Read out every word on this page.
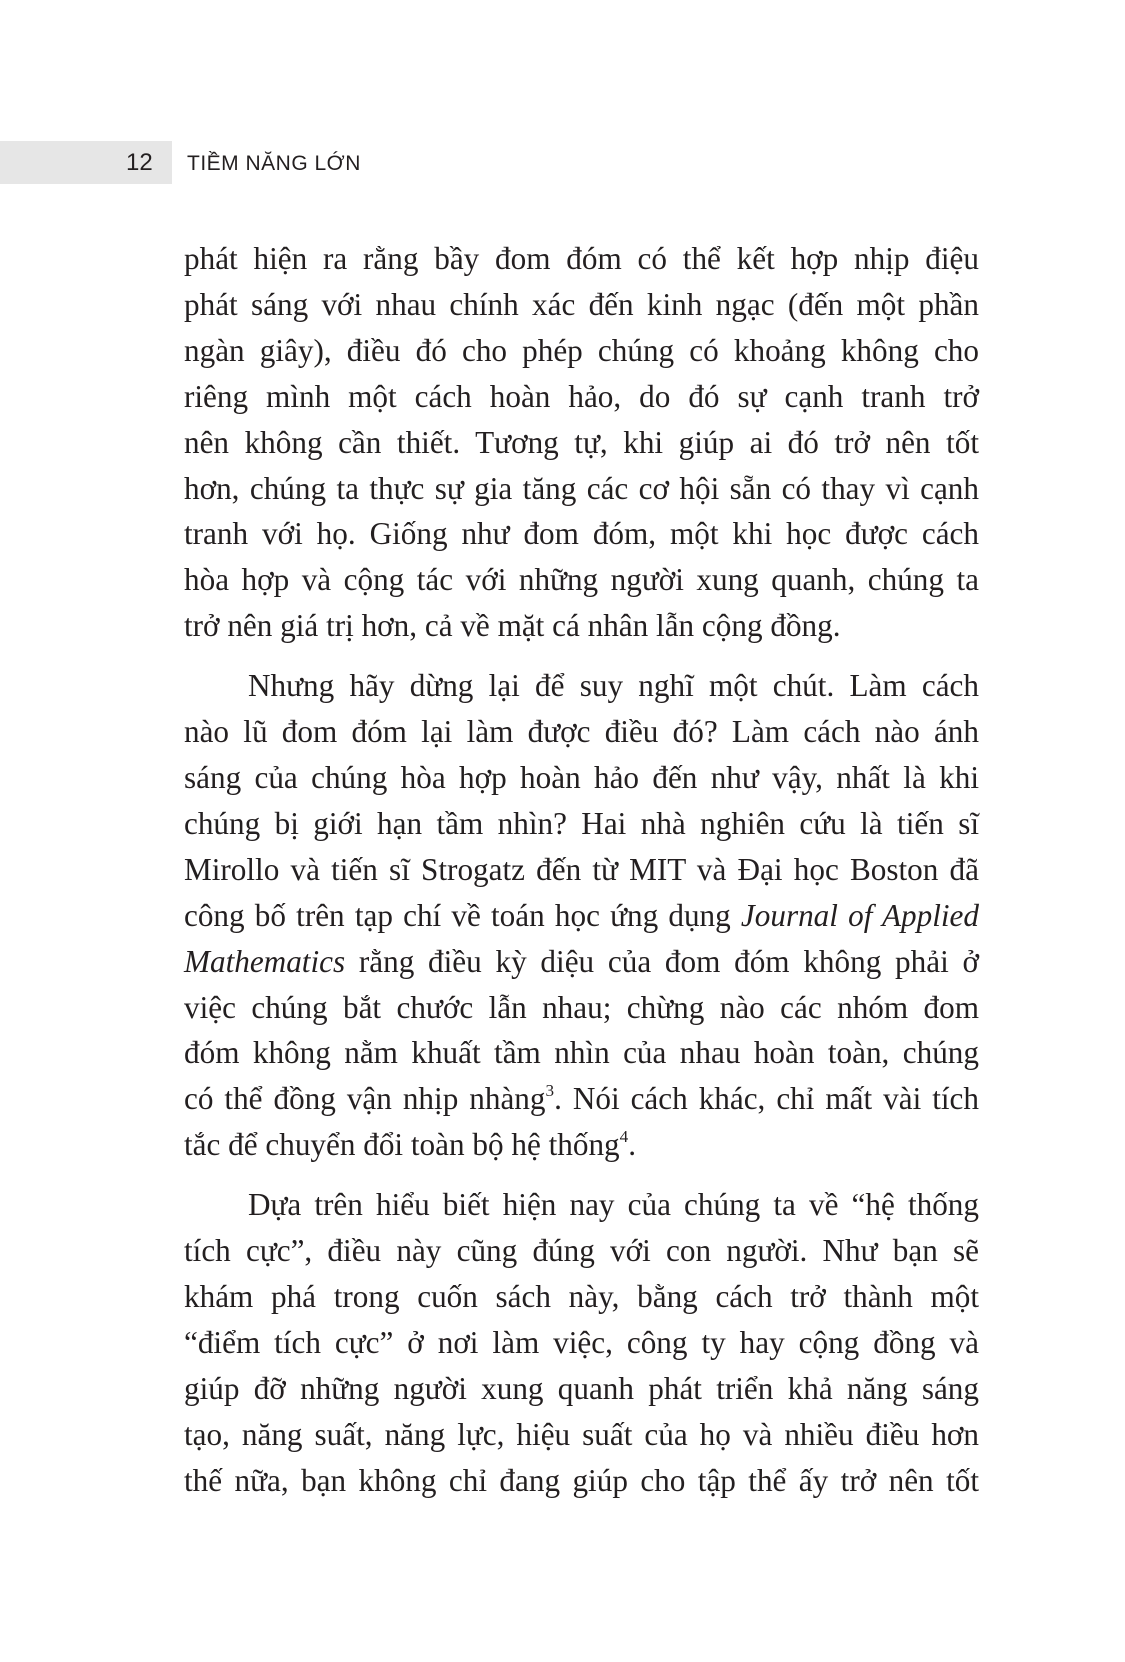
12 TIỀM NĂNG LỚN

phát hiện ra rằng bầy đom đóm có thể kết hợp nhịp điệu

phát sáng với nhau chính xác đến kinh ngạc (đến một phần

ngàn giây), điều đó cho phép chúng có khoảng không cho

riêng mình một cách hoàn hảo, do đó sự cạnh tranh trở

nên không cần thiết. Tương tự, khi giúp ai đó trở nên tốt

hơn, chúng ta thực sự gia tăng các cơ hội sẵn có thay vì cạnh

tranh với họ. Giống như đom đóm, một khi học được cách

hòa hợp và cộng tác với những người xung quanh, chúng ta

trở nên giá trị hơn, cả về mặt cá nhân lẫn cộng đồng.

Nhưng hãy dừng lại để suy nghĩ một chút. Làm cách

nào lũ đom đóm lại làm được điều đó? Làm cách nào ánh

sáng của chúng hòa hợp hoàn hảo đến như vậy, nhất là khi

chúng bị giới hạn tầm nhìn? Hai nhà nghiên cứu là tiến sĩ

Mirollo và tiến sĩ Strogatz đến từ MIT và Đại học Boston đã

công bố trên tạp chí về toán học ứng dụng Journal of Applied

Mathematics rằng điều kỳ diệu của đom đóm không phải ở

việc chúng bắt chước lẫn nhau; chừng nào các nhóm đom

đóm không nằm khuất tầm nhìn của nhau hoàn toàn, chúng

có thể đồng vận nhịp nhàng$^3$. Nói cách khác, chỉ mất vài tích

tắc để chuyển đổi toàn bộ hệ thống$^4$.

Dựa trên hiểu biết hiện nay của chúng ta về “hệ thống

tích cực”, điều này cũng đúng với con người. Như bạn sẽ

khám phá trong cuốn sách này, bằng cách trở thành một

“điểm tích cực” ở nơi làm việc, công ty hay cộng đồng và

giúp đỡ những người xung quanh phát triển khả năng sáng

tạo, năng suất, năng lực, hiệu suất của họ và nhiều điều hơn

thế nữa, bạn không chỉ đang giúp cho tập thể ấy trở nên tốt
